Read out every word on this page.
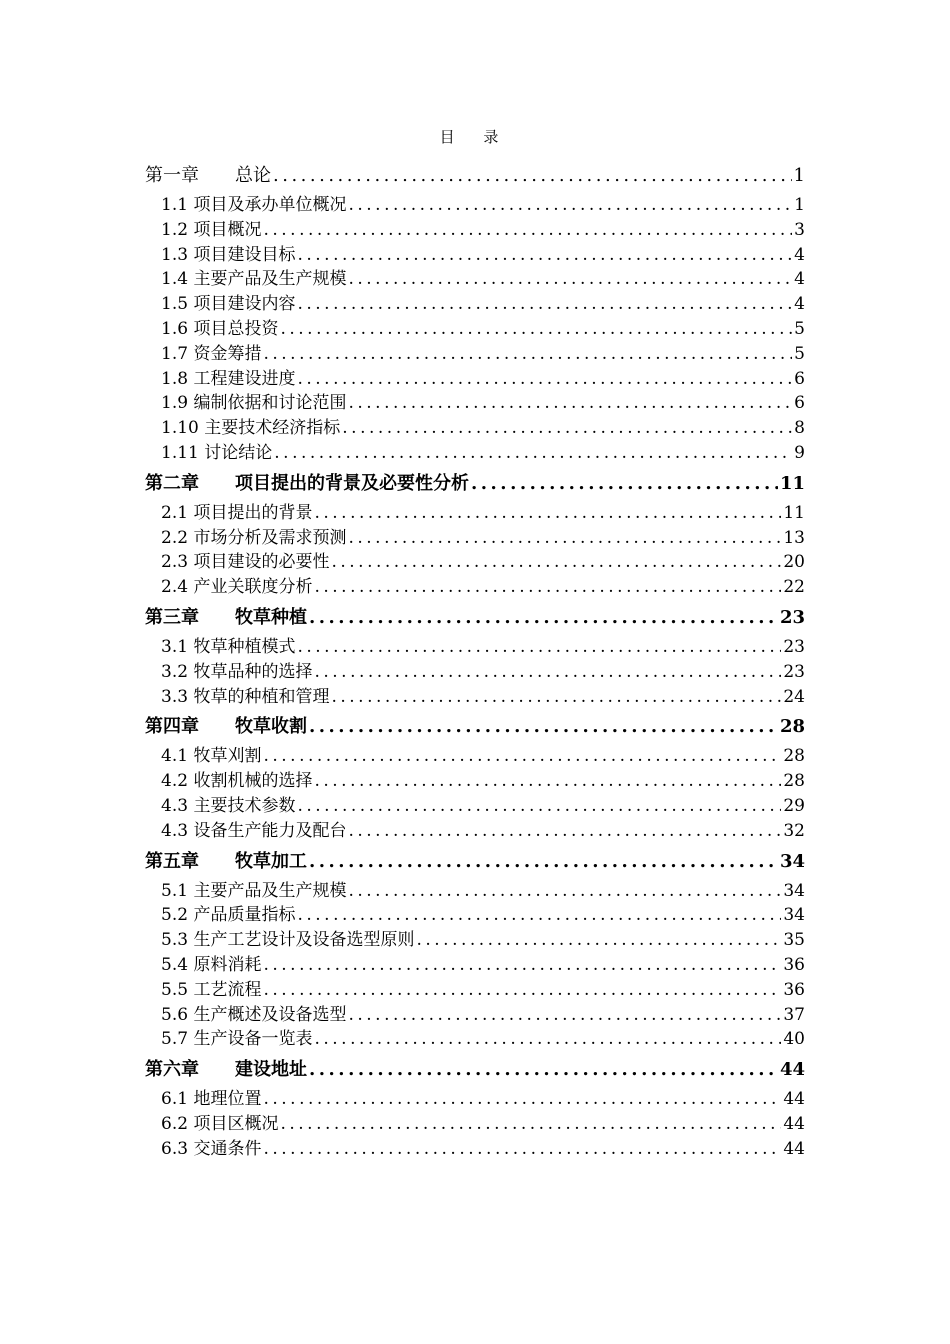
目 录
第一章 总论 .....	1
1.1 项目及承办单位概况 .....	1
1.2 项目概况 .....	3
1.3 项目建设目标 .....	4
1.4 主要产品及生产规模 .....	4
1.5 项目建设内容 .....	4
1.6 项目总投资 .....	5
1.7 资金筹措 .....	5
1.8 工程建设进度 .....	6
1.9 编制依据和讨论范围 .....	6
1.10 主要技术经济指标 .....	8
1.11 讨论结论 .....	9
第二章 项目提出的背景及必要性分析 .....	11
2.1 项目提出的背景 .....	11
2.2 市场分析及需求预测 .....	13
2.3 项目建设的必要性 .....	20
2.4 产业关联度分析 .....	22
第三章 牧草种植 .....	23
3.1 牧草种植模式 .....	23
3.2 牧草品种的选择 .....	23
3.3 牧草的种植和管理 .....	24
第四章 牧草收割 .....	28
4.1 牧草刈割 .....	28
4.2 收割机械的选择 .....	28
4.3 主要技术参数 .....	29
4.3 设备生产能力及配台 .....	32
第五章 牧草加工 .....	34
5.1 主要产品及生产规模 .....	34
5.2 产品质量指标 .....	34
5.3 生产工艺设计及设备选型原则 .....	35
5.4 原料消耗 .....	36
5.5 工艺流程 .....	36
5.6 生产概述及设备选型 .....	37
5.7 生产设备一览表 .....	40
第六章 建设地址 .....	44
6.1 地理位置 .....	44
6.2 项目区概况 .....	44
6.3 交通条件 .....	44
